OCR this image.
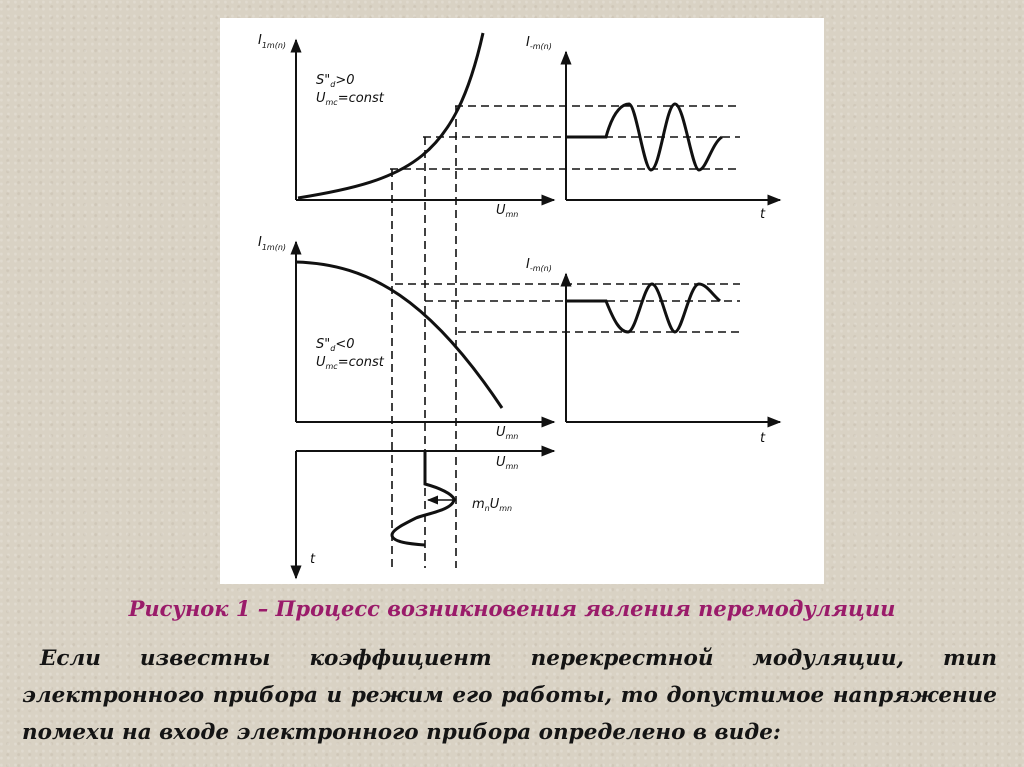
$I_{1m(n)}$
$S"_d>0$
$U_{mc}=const$
$U_{mn}$
$I_{-m(n)}$
t
$I_{1m(n)}$
$S"_d<0$
$U_{mc}=const$
$U_{mn}$
$I_{-m(n)}$
t
$U_{mn}$
$m_nU_{mn}$
t
Рисунок 1 – Процесс возникновения явления перемодуляции
Если известны коэффициент перекрестной модуляции, тип электронного прибора и режим его работы, то допустимое напряжение помехи на входе электронного прибора определено в виде:
